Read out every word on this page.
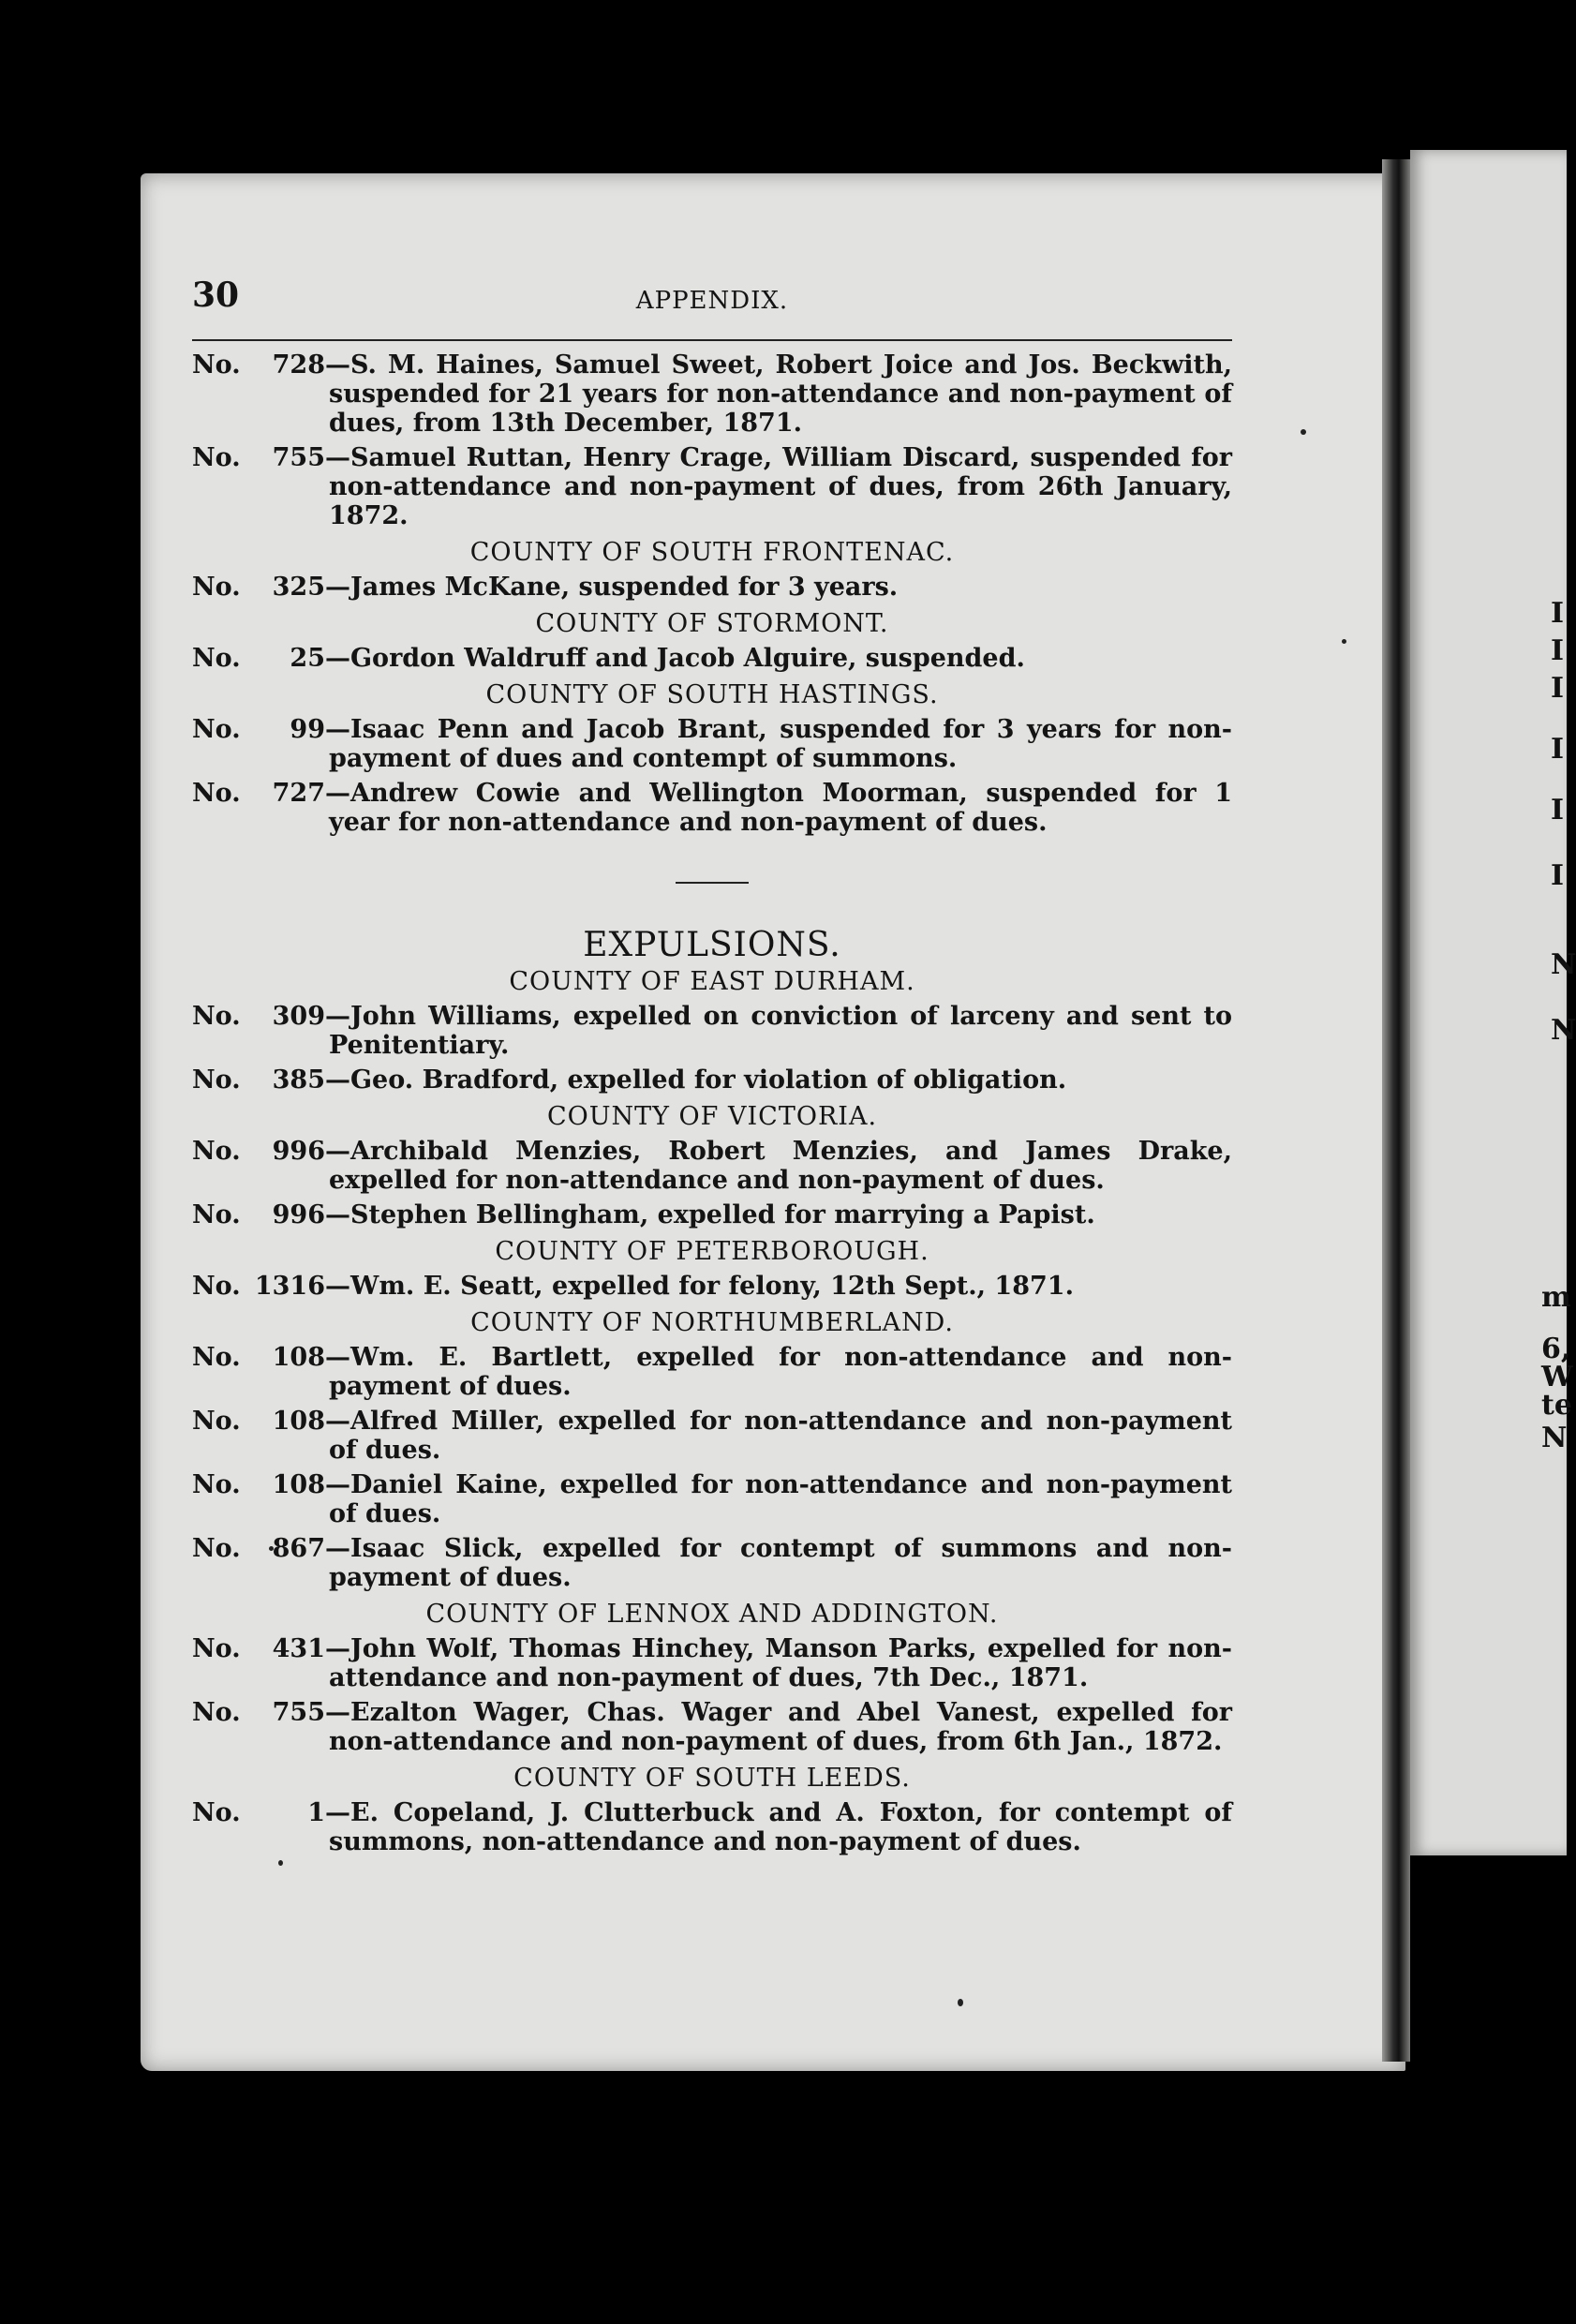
I
I
I
I
I
I
N
N
m
6,
W
te
N
30	APPENDIX.
No.	728 —S. M. Haines, Samuel Sweet, Robert Joice and Jos. Beckwith, suspended for 21 years for non-attendance and non-payment of dues, from 13th December, 1871.
No.	755 —Samuel Ruttan, Henry Crage, William Discard, suspended for non-attendance and non-payment of dues, from 26th January, 1872.
COUNTY OF SOUTH FRONTENAC.
No.	325 —James McKane, suspended for 3 years.
COUNTY OF STORMONT.
No.	25 —Gordon Waldruff and Jacob Alguire, suspended.
COUNTY OF SOUTH HASTINGS.
No.	99 —Isaac Penn and Jacob Brant, suspended for 3 years for non-payment of dues and contempt of summons.
No.	727 —Andrew Cowie and Wellington Moorman, suspended for 1 year for non-attendance and non-payment of dues.
EXPULSIONS.
COUNTY OF EAST DURHAM.
No.	309 —John Williams, expelled on conviction of larceny and sent to Penitentiary.
No.	385 —Geo. Bradford, expelled for violation of obligation.
COUNTY OF VICTORIA.
No.	996 —Archibald Menzies, Robert Menzies, and James Drake, expelled for non-attendance and non-payment of dues.
No.	996 —Stephen Bellingham, expelled for marrying a Papist.
COUNTY OF PETERBOROUGH.
No. 1316 —Wm. E. Seatt, expelled for felony, 12th Sept., 1871.
COUNTY OF NORTHUMBERLAND.
No.	108 —Wm. E. Bartlett, expelled for non-attendance and non-payment of dues.
No.	108 —Alfred Miller, expelled for non-attendance and non-payment of dues.
No.	108 —Daniel Kaine, expelled for non-attendance and non-payment of dues.
No.	867 —Isaac Slick, expelled for contempt of summons and non-payment of dues.
COUNTY OF LENNOX AND ADDINGTON.
No.	431 —John Wolf, Thomas Hinchey, Manson Parks, expelled for non-attendance and non-payment of dues, 7th Dec., 1871.
No.	755 —Ezalton Wager, Chas. Wager and Abel Vanest, expelled for non-attendance and non-payment of dues, from 6th Jan., 1872.
COUNTY OF SOUTH LEEDS.
No.	1 —E. Copeland, J. Clutterbuck and A. Foxton, for contempt of summons, non-attendance and non-payment of dues.
